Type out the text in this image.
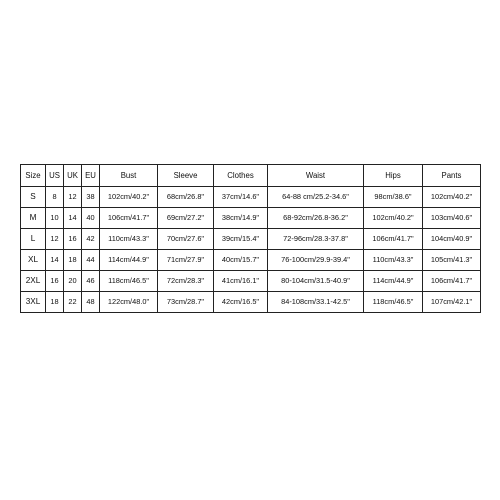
Size	US	UK	EU	Bust	Sleeve	Clothes	Waist	Hips	Pants
S	8	12	38	102cm/40.2"	68cm/26.8"	37cm/14.6"	64-88 cm/25.2-34.6"	98cm/38.6"	102cm/40.2"
M	10	14	40	106cm/41.7"	69cm/27.2"	38cm/14.9"	68-92cm/26.8-36.2"	102cm/40.2"	103cm/40.6"
L	12	16	42	110cm/43.3"	70cm/27.6"	39cm/15.4"	72-96cm/28.3-37.8"	106cm/41.7"	104cm/40.9"
XL	14	18	44	114cm/44.9"	71cm/27.9"	40cm/15.7"	76-100cm/29.9-39.4"	110cm/43.3"	105cm/41.3"
2XL	16	20	46	118cm/46.5"	72cm/28.3"	41cm/16.1"	80-104cm/31.5-40.9"	114cm/44.9"	106cm/41.7"
3XL	18	22	48	122cm/48.0"	73cm/28.7"	42cm/16.5"	84-108cm/33.1-42.5"	118cm/46.5"	107cm/42.1"
